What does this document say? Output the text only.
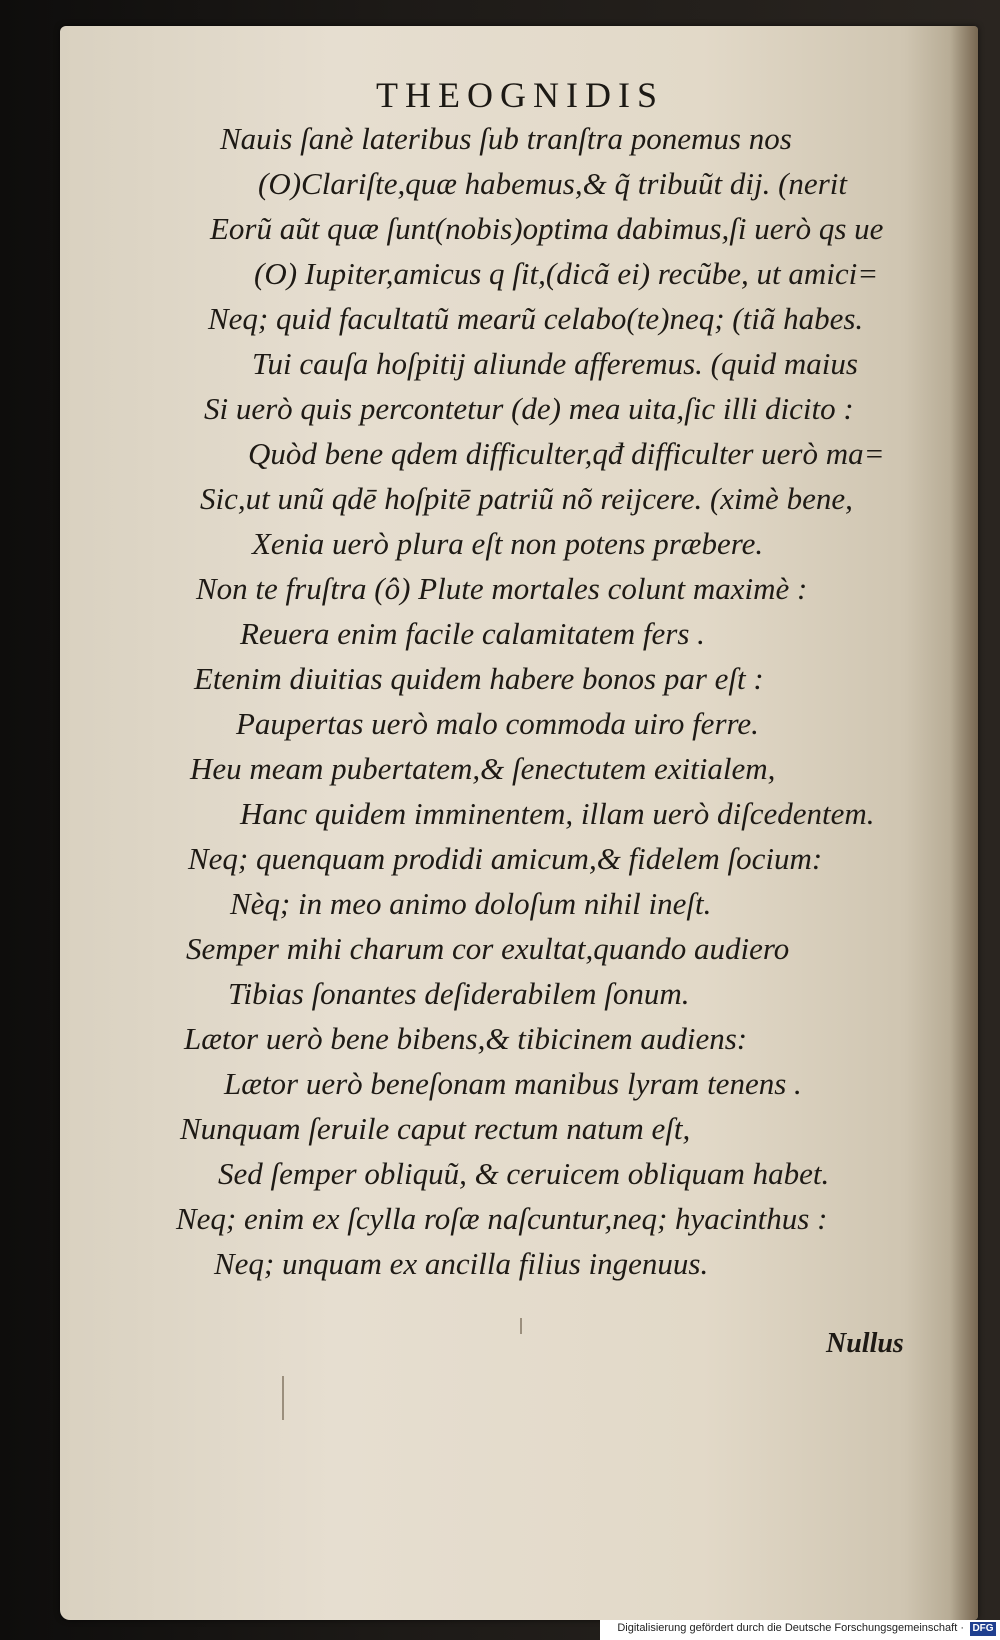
THEOGNIDIS
Nauis ſanè lateribus ſub tranſtra ponemus nos
(O)Clariſte,quæ habemus,& q̃ tribuũt dij. (nerit
Eorũ aũt quæ ſunt(nobis)optima dabimus,ſi uerò qs ue
(O) Iupiter,amicus q ſit,(dicã ei) recũbe, ut amici=
Neq; quid facultatũ mearũ celabo(te)neq; (tiã habes.
Tui cauſa hoſpitij aliunde afferemus. (quid maius
Si uerò quis percontetur (de) mea uita,ſic illi dicito :
Quòd bene qdem difficulter,qđ difficulter uerò ma=
Sic,ut unũ qdē hoſpitē patriũ nõ reijcere. (ximè bene,
Xenia uerò plura eſt non potens præbere.
Non te fruſtra (ô) Plute mortales colunt maximè :
Reuera enim facile calamitatem fers .
Etenim diuitias quidem habere bonos par eſt :
Paupertas uerò malo commoda uiro ferre.
Heu meam pubertatem,& ſenectutem exitialem,
Hanc quidem imminentem, illam uerò diſcedentem.
Neq; quenquam prodidi amicum,& fidelem ſocium:
Nèq; in meo animo doloſum nihil ineſt.
Semper mihi charum cor exultat,quando audiero
Tibias ſonantes deſiderabilem ſonum.
Lætor uerò bene bibens,& tibicinem audiens:
Lætor uerò beneſonam manibus lyram tenens .
Nunquam ſeruile caput rectum natum eſt,
Sed ſemper obliquũ, & ceruicem obliquam habet.
Neq; enim ex ſcylla roſæ naſcuntur,neq; hyacinthus :
Neq; unquam ex ancilla filius ingenuus.
Nullus
Digitalisierung gefördert durch die Deutsche Forschungsgemeinschaft · DFG
